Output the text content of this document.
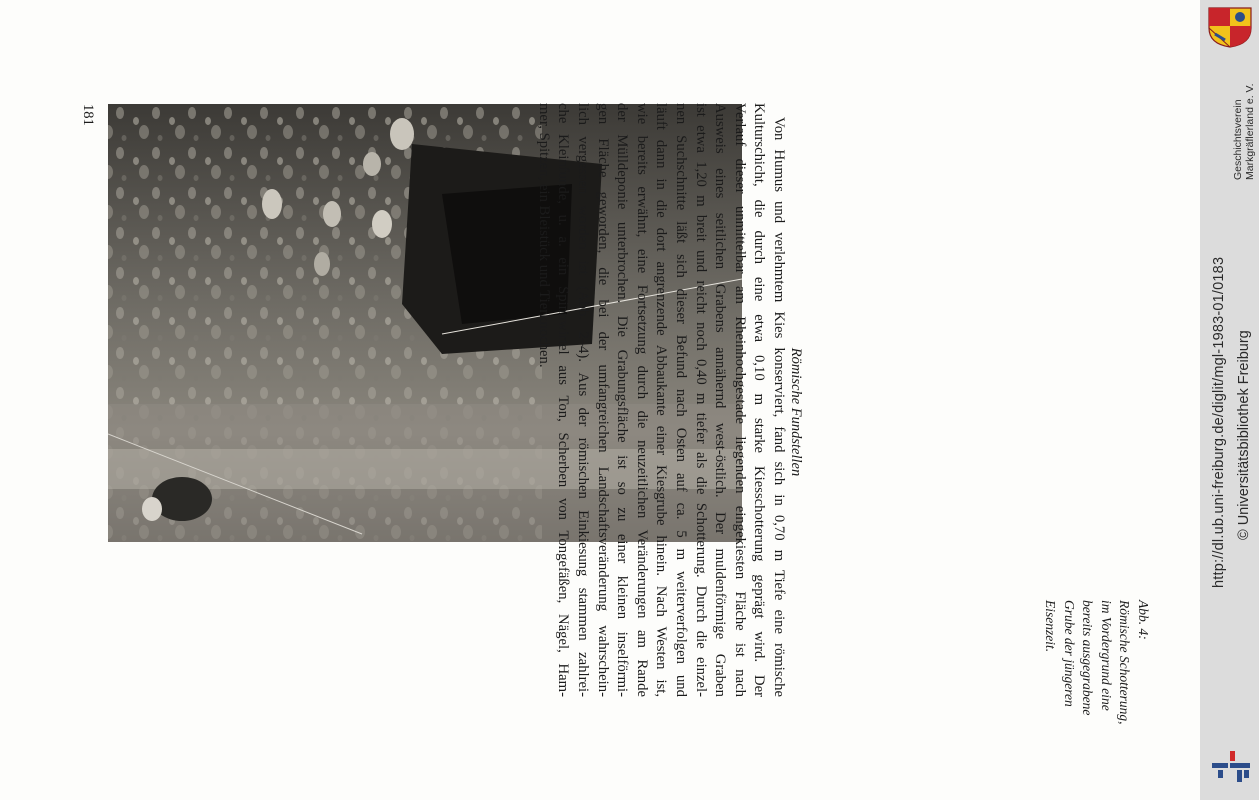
Abb. 4:

Römische Schotterung,

im Vordergrund eine

bereits ausgegrabene

Grube der jüngeren

Eisenzeit.

Römische Fundstellen

Von Humus und verlehmtem Kies konserviert, fand sich in 0,70 m Tiefe eine römische

Kulturschicht, die durch eine etwa 0,10 m starke Kiesschotterung geprägt wird. Der

Verlauf dieser unmittelbar am Rheinhochgestade liegenden eingekiesten Fläche ist nach

Ausweis eines seitlichen Grabens annähernd west-östlich. Der muldenförmige Graben

ist etwa 1,20 m breit und reicht noch 0,40 m tiefer als die Schotterung. Durch die einzel-

nen Suchschnitte läßt sich dieser Befund nach Osten auf ca. 5 m weiterverfolgen und

läuft dann in die dort angrenzende Abbaukante einer Kiesgrube hinein. Nach Westen ist,

wie bereits erwähnt, eine Fortsetzung durch die neuzeitlichen Veränderungen am Rande

der Mülldeponie unterbrochen. Die Grabungsfläche ist so zu einer kleinen inselförmi-

gen Fläche geworden, die bei der umfangreichen Landschaftsveränderung wahrschein-

lich vergessen worden ist (Abb. 2–4). Aus der römischen Einkiesung stammen zahlrei-

che Kleinfunde, u. a. ein Spinnwirtel aus Ton, Scherben von Tongefäßen, Nägel, Ham-

mer, Spitzen, ein Bleistück und Tierknochen.

181	Geschichtsverein Markgräflerland e. V.
http://dl.ub.uni-freiburg.de/diglit/mgl-1983-01/0183 © Universitätsbibliothek Freiburg
